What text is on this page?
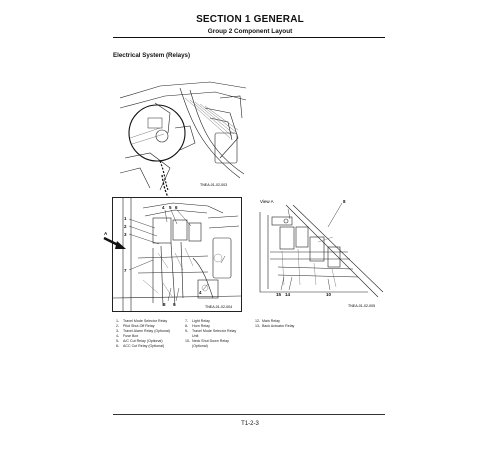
SECTION 1 GENERAL
Group 2 Component Layout
Electrical System (Relays)
TNEA-01-02-003
1
2
3
4 5 6
7
8 9
4
TNEA-01-02-004
A
View A	8
15 14	10
TNEA-01-02-005
1- Travel Mode Selector Relay
2- Pilot Shut-Off Relay
3- Travel Alarm Relay (Optional)
4- Fuse Box
5- A/C Cut Relay (Optional)
6- ACC Cut Relay (Optional)
7- Light Relay
8- Horn Relay
9- Travel Mode Selector Relay
Unit
10- Neck Shut Down Relay
(Optional)
12- Main Relay
13- Back Actuator Relay
T1-2-3
